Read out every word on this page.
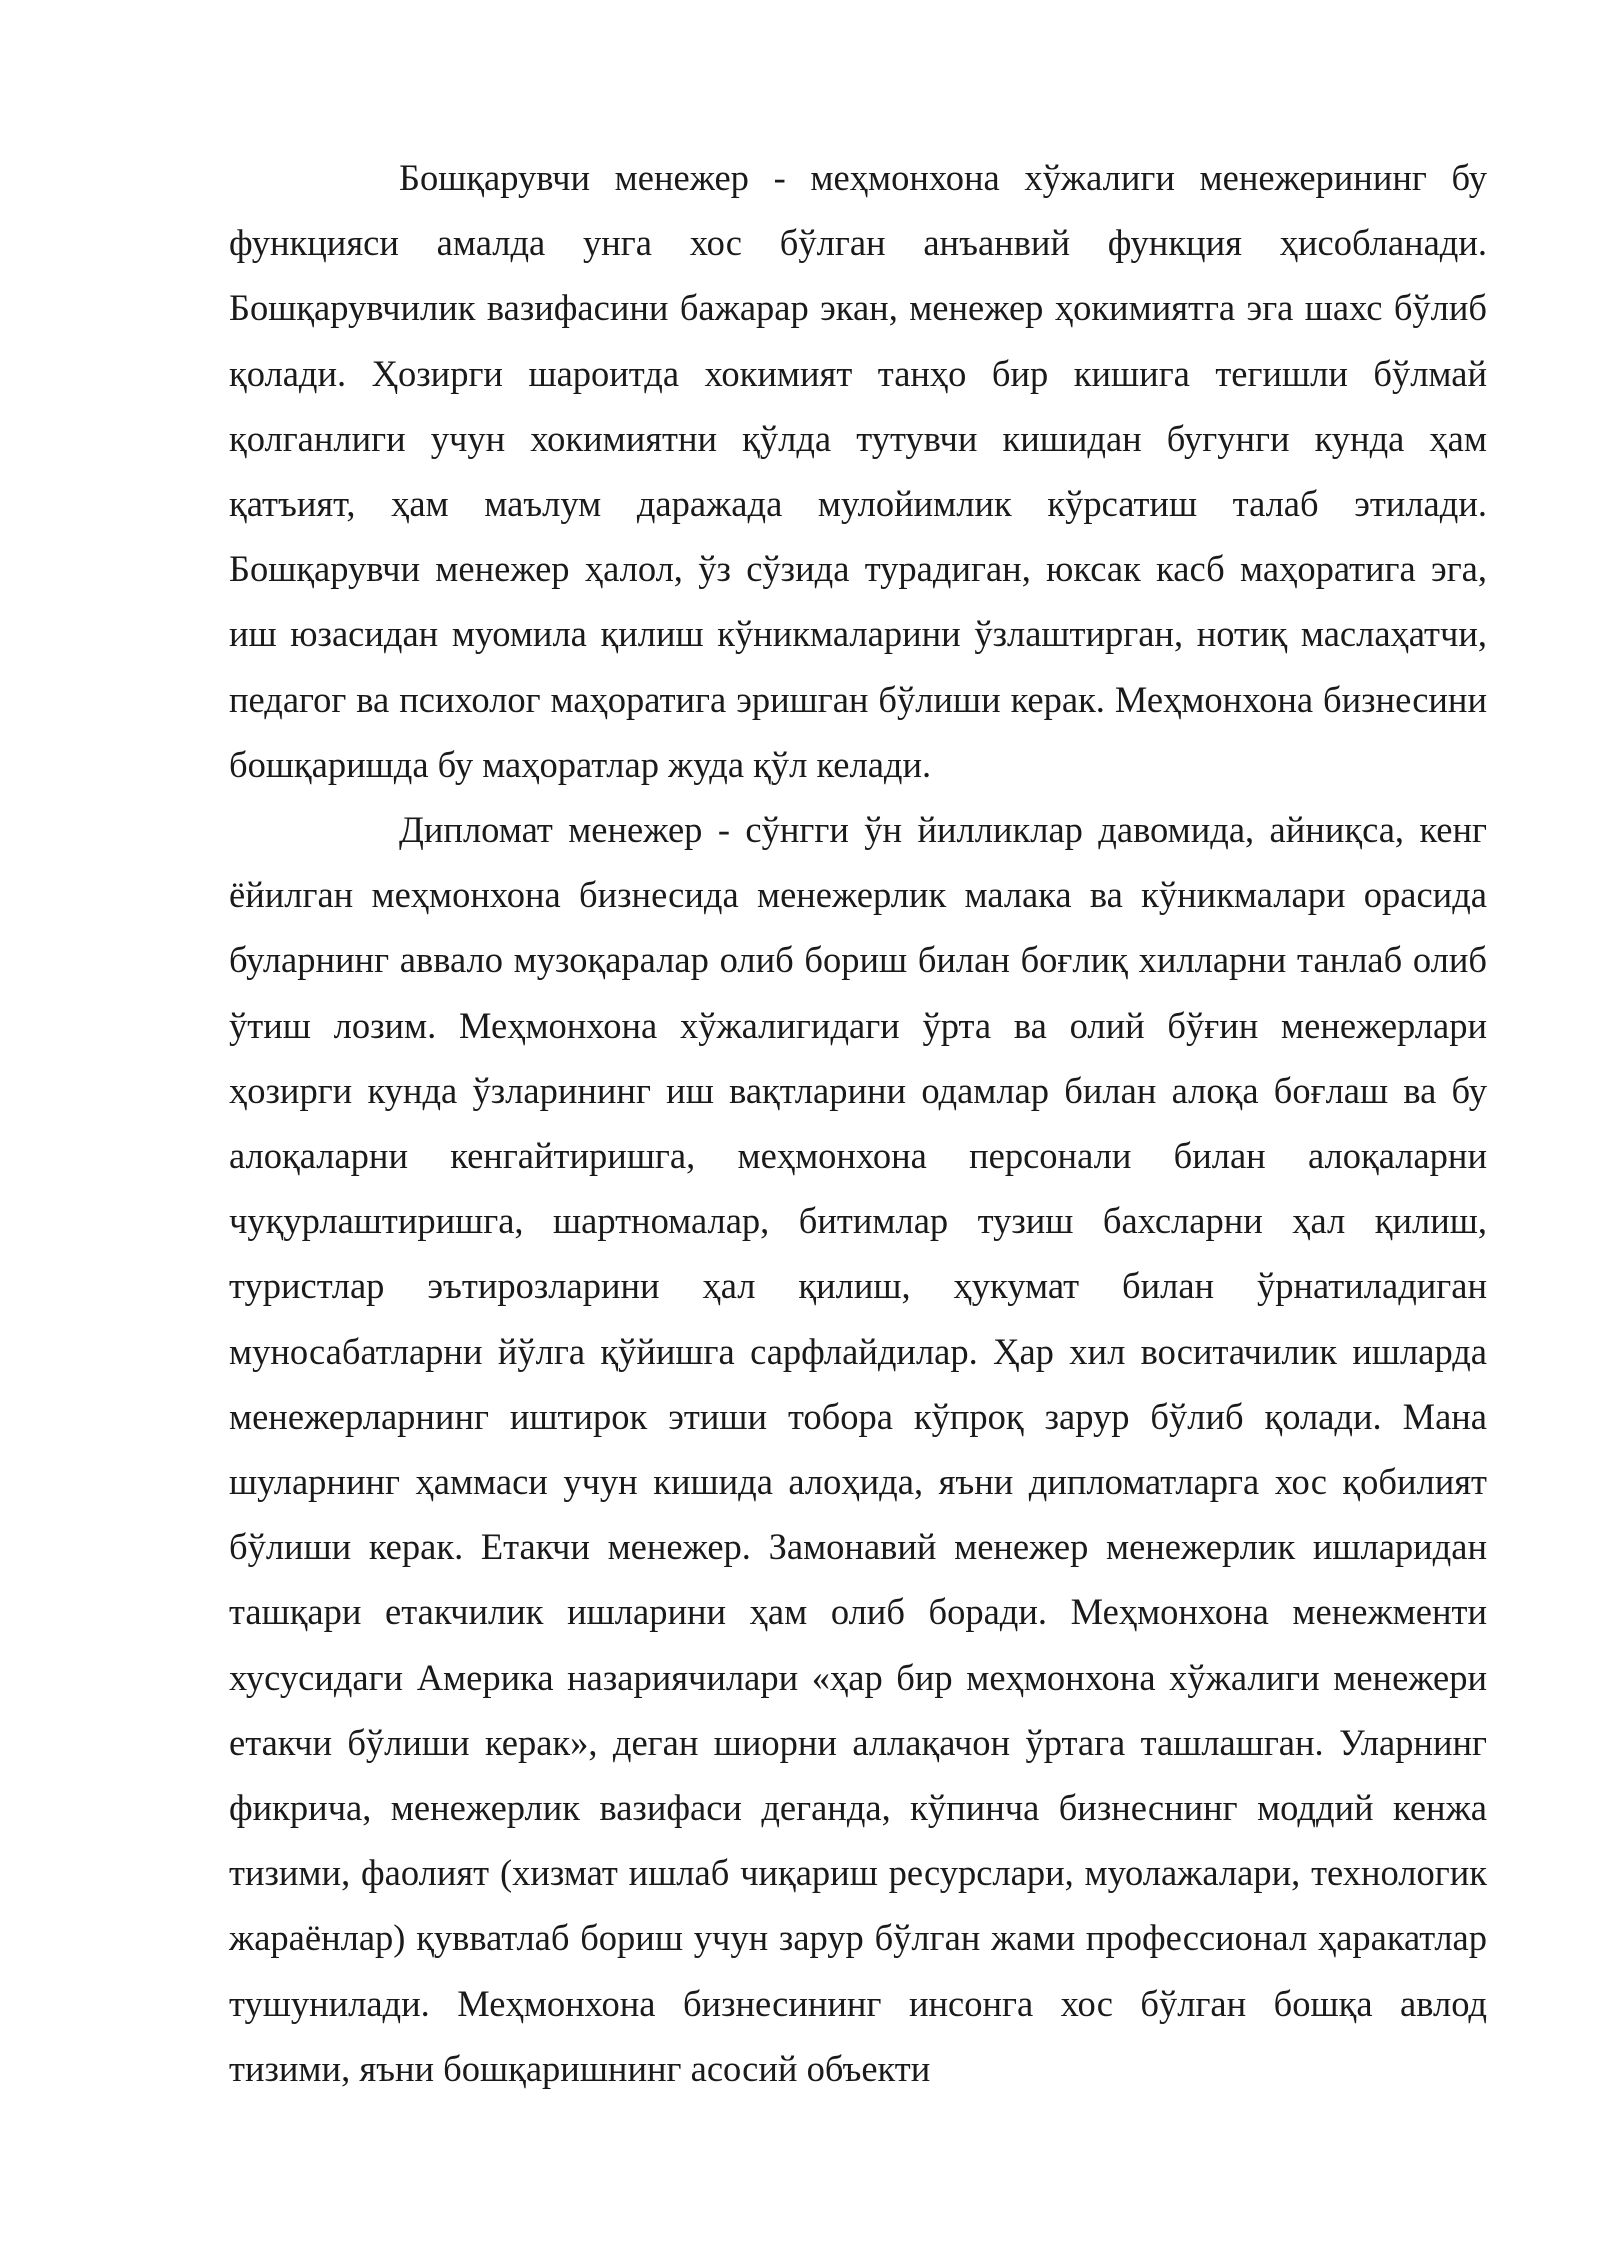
Бошқарувчи менежер - меҳмонхона хўжалиги менежерининг бу функцияси амалда унга хос бўлган анъанвий функция ҳисобланади. Бошқарувчилик вазифасини бажарар экан, менежер ҳокимиятга эга шахс бўлиб қолади. Ҳозирги шароитда хокимият танҳо бир кишига тегишли бўлмай қолганлиги учун хокимиятни қўлда тутувчи кишидан бугунги кунда ҳам қатъият, ҳам маълум даражада мулойимлик кўрсатиш талаб этилади. Бошқарувчи менежер ҳалол, ўз сўзида турадиган, юксак касб маҳоратига эга, иш юзасидан муомила қилиш кўникмаларини ўзлаштирган, нотиқ маслаҳатчи, педагог ва психолог маҳоратига эришган бўлиши керак. Меҳмонхона бизнесини бошқаришда бу маҳоратлар жуда қўл келади.

Дипломат менежер - сўнгги ўн йилликлар давомида, айниқса, кенг ёйилган меҳмонхона бизнесида менежерлик малака ва кўникмалари орасида буларнинг аввало музоқаралар олиб бориш билан боғлиқ хилларни танлаб олиб ўтиш лозим. Меҳмонхона хўжалигидаги ўрта ва олий бўғин менежерлари ҳозирги кунда ўзларининг иш вақтларини одамлар билан алоқа боғлаш ва бу алоқаларни кенгайтиришга, меҳмонхона персонали билан алоқаларни чуқурлаштиришга, шартномалар, битимлар тузиш бахсларни ҳал қилиш, туристлар эътирозларини ҳал қилиш, ҳукумат билан ўрнатиладиган муносабатларни йўлга қўйишга сарфлайдилар. Ҳар хил воситачилик ишларда менежерларнинг иштирок этиши тобора кўпроқ зарур бўлиб қолади. Мана шуларнинг ҳаммаси учун кишида алоҳида, яъни дипломатларга хос қобилият бўлиши керак. Етакчи менежер. Замонавий менежер менежерлик ишларидан ташқари етакчилик ишларини ҳам олиб боради. Меҳмонхона менежменти хусусидаги Америка назариячилари «ҳар бир меҳмонхона хўжалиги менежери етакчи бўлиши керак», деган шиорни аллақачон ўртага ташлашган. Уларнинг фикрича, менежерлик вазифаси деганда, кўпинча бизнеснинг моддий кенжа тизими, фаолият (хизмат ишлаб чиқариш ресурслари, муолажалари, технологик жараёнлар) қувватлаб бориш учун зарур бўлган жами профессионал ҳаракатлар тушунилади. Меҳмонхона бизнесининг инсонга хос бўлган бошқа авлод тизими, яъни бошқаришнинг асосий объекти
